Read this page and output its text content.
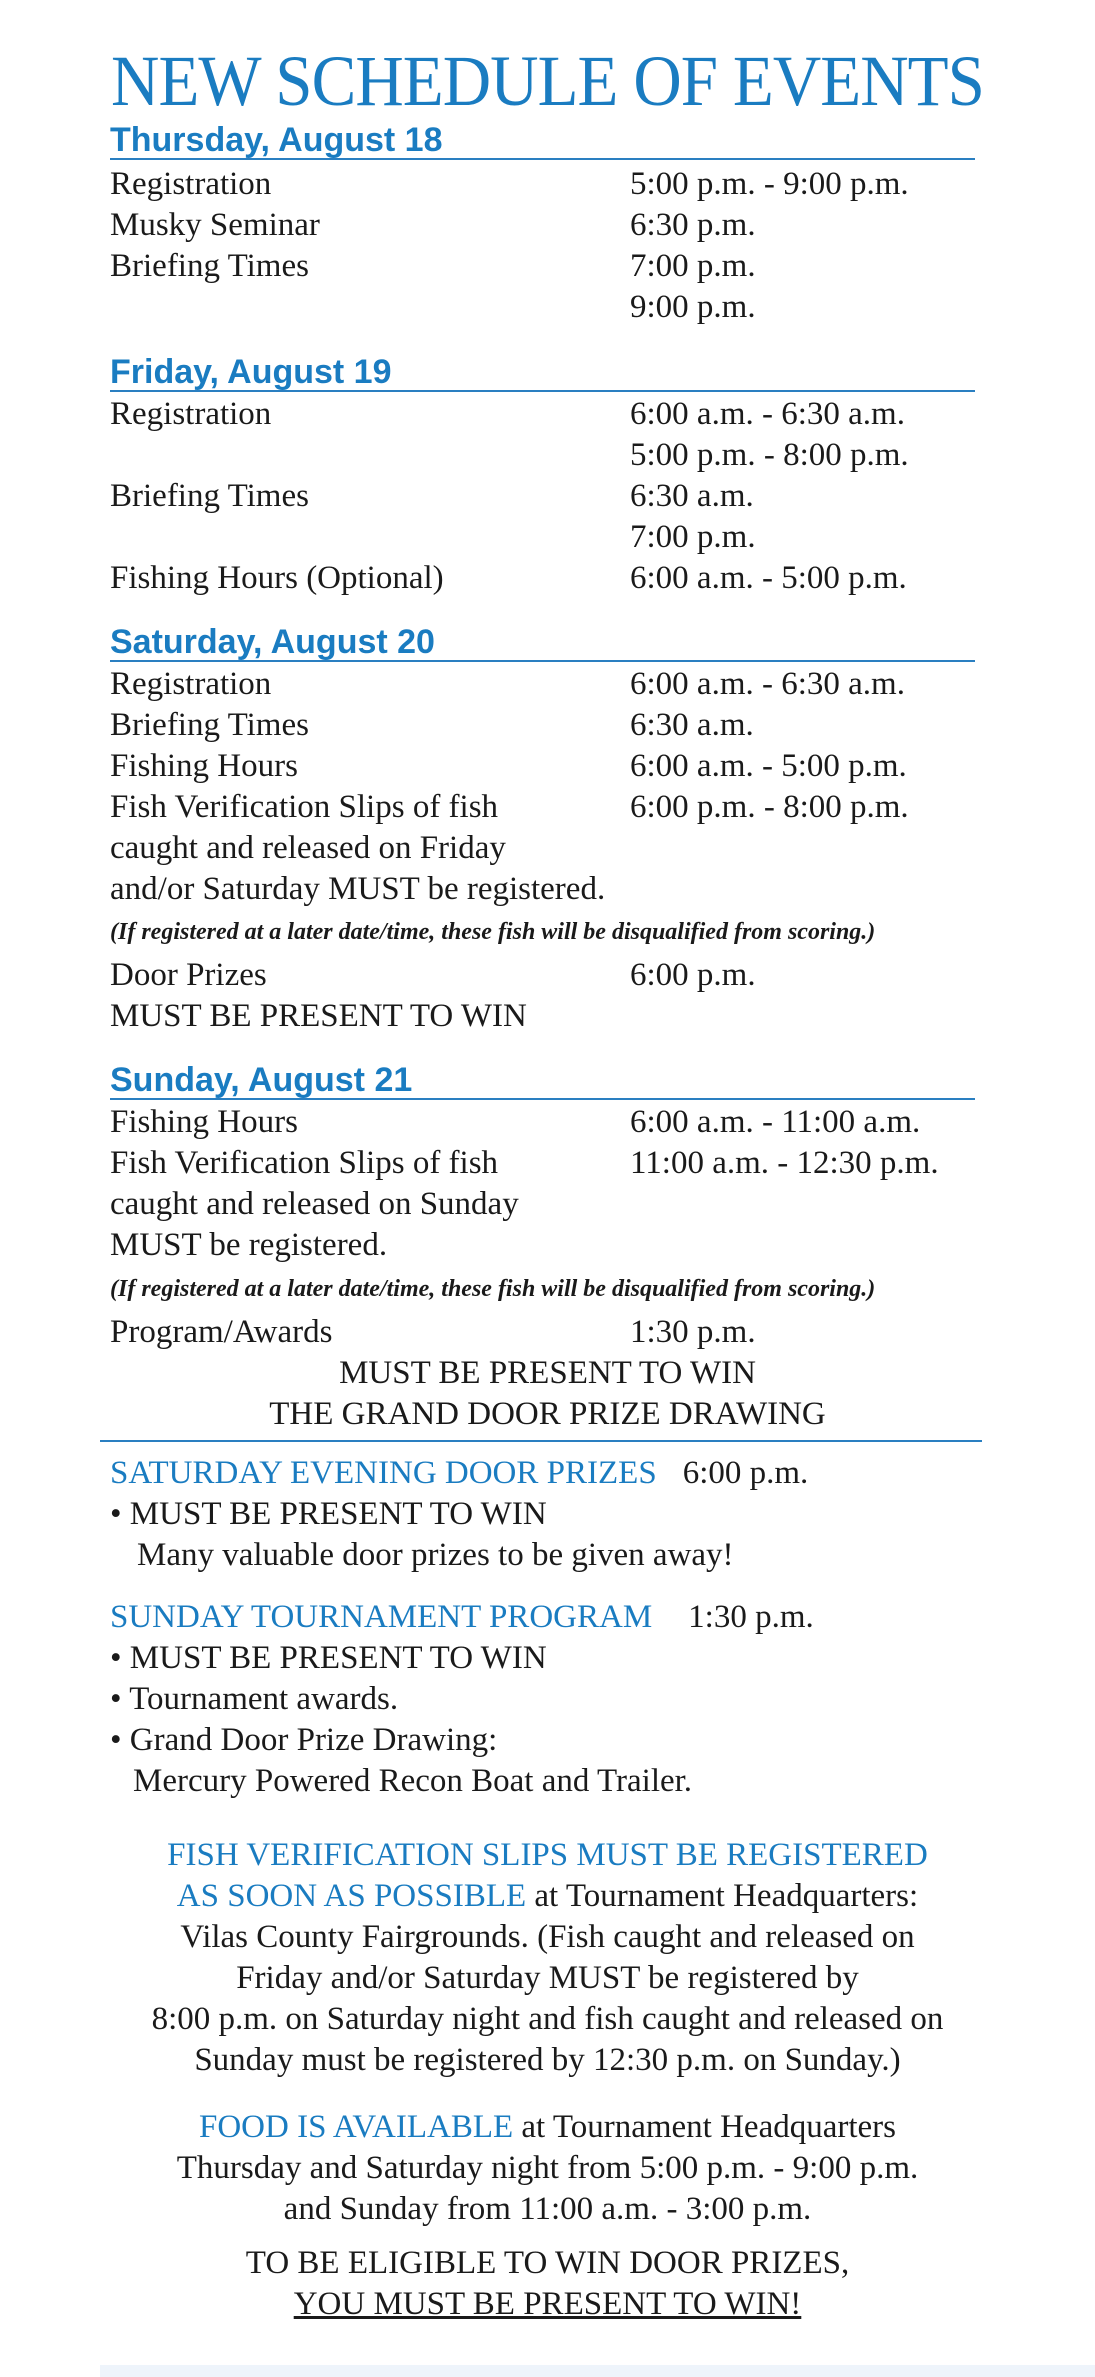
NEW SCHEDULE OF EVENTS
Thursday, August 18
Registration	5:00 p.m. - 9:00 p.m.
Musky Seminar	6:30 p.m.
Briefing Times	7:00 p.m.
9:00 p.m.
Friday, August 19
Registration	6:00 a.m. - 6:30 a.m.
5:00 p.m. - 8:00 p.m.
Briefing Times	6:30 a.m.
7:00 p.m.
Fishing Hours (Optional)	6:00 a.m. - 5:00 p.m.
Saturday, August 20
Registration	6:00 a.m. - 6:30 a.m.
Briefing Times	6:30 a.m.
Fishing Hours	6:00 a.m. - 5:00 p.m.
Fish Verification Slips of fish	6:00 p.m. - 8:00 p.m.
caught and released on Friday
and/or Saturday MUST be registered.
(If registered at a later date/time, these fish will be disqualified from scoring.)
Door Prizes	6:00 p.m.
MUST BE PRESENT TO WIN
Sunday, August 21
Fishing Hours	6:00 a.m. - 11:00 a.m.
Fish Verification Slips of fish	11:00 a.m. - 12:30 p.m.
caught and released on Sunday
MUST be registered.
(If registered at a later date/time, these fish will be disqualified from scoring.)
Program/Awards	1:30 p.m.
MUST BE PRESENT TO WIN
THE GRAND DOOR PRIZE DRAWING
SATURDAY EVENING DOOR PRIZES 6:00 p.m.
• MUST BE PRESENT TO WIN
Many valuable door prizes to be given away!
SUNDAY TOURNAMENT PROGRAM 1:30 p.m.
• MUST BE PRESENT TO WIN
• Tournament awards.
• Grand Door Prize Drawing:
Mercury Powered Recon Boat and Trailer.
FISH VERIFICATION SLIPS MUST BE REGISTERED
AS SOON AS POSSIBLE at Tournament Headquarters:
Vilas County Fairgrounds. (Fish caught and released on
Friday and/or Saturday MUST be registered by
8:00 p.m. on Saturday night and fish caught and released on
Sunday must be registered by 12:30 p.m. on Sunday.)
FOOD IS AVAILABLE at Tournament Headquarters
Thursday and Saturday night from 5:00 p.m. - 9:00 p.m.
and Sunday from 11:00 a.m. - 3:00 p.m.
TO BE ELIGIBLE TO WIN DOOR PRIZES,
YOU MUST BE PRESENT TO WIN!
